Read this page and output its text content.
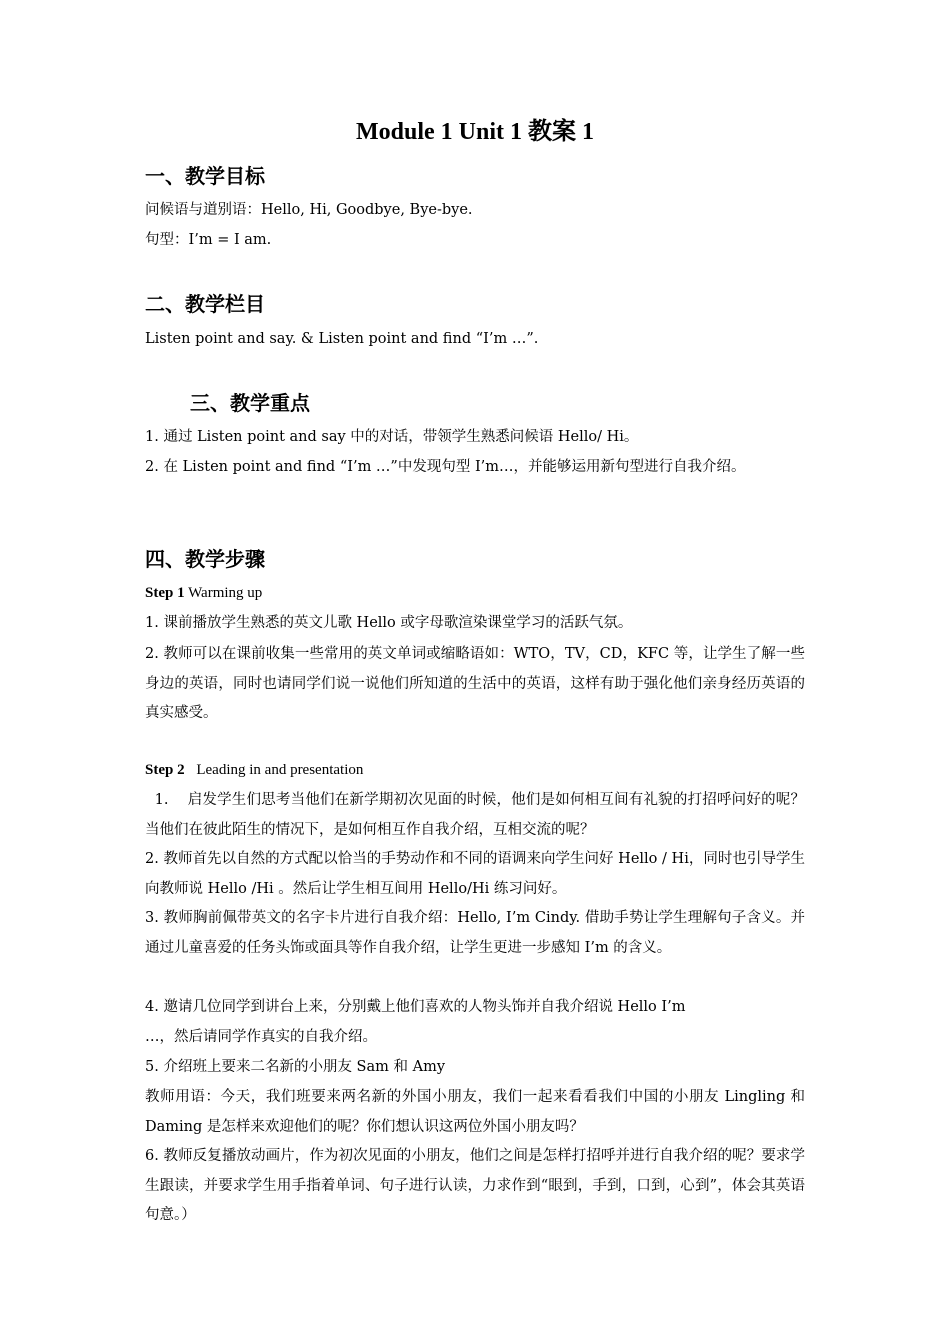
Module 1 Unit 1 教案 1
一、教学目标
问候语与道别语：Hello, Hi, Goodbye, Bye-bye.
句型：I’m = I am.
二、教学栏目
Listen point and say. & Listen point and find “I’m …”.
三、教学重点
1. 通过 Listen point and say 中的对话，带领学生熟悉问候语 Hello/ Hi。
2. 在 Listen point and find “I’m …”中发现句型 I’m…，并能够运用新句型进行自我介绍。
四、教学步骤
Step 1 Warming up
1. 课前播放学生熟悉的英文儿歌 Hello 或字母歌渲染课堂学习的活跃气氛。
2. 教师可以在课前收集一些常用的英文单词或缩略语如：WTO，TV，CD，KFC 等，让学生了解一些身边的英语，同时也请同学们说一说他们所知道的生活中的英语，这样有助于强化他们亲身经历英语的真实感受。
Step 2 Leading in and presentation
1.    启发学生们思考当他们在新学期初次见面的时候，他们是如何相互间有礼貌的打招呼问好的呢？当他们在彼此陌生的情况下，是如何相互作自我介绍，互相交流的呢？
2. 教师首先以自然的方式配以恰当的手势动作和不同的语调来向学生问好 Hello / Hi，同时也引导学生向教师说 Hello /Hi 。然后让学生相互间用 Hello/Hi 练习问好。
3. 教师胸前佩带英文的名字卡片进行自我介绍：Hello, I’m Cindy. 借助手势让学生理解句子含义。并通过儿童喜爱的任务头饰或面具等作自我介绍，让学生更进一步感知 I’m 的含义。
4. 邀请几位同学到讲台上来，分别戴上他们喜欢的人物头饰并自我介绍说 Hello I’m
…，然后请同学作真实的自我介绍。
5. 介绍班上要来二名新的小朋友 Sam 和 Amy
教师用语：今天，我们班要来两名新的外国小朋友，我们一起来看看我们中国的小朋友 Lingling 和 Daming 是怎样来欢迎他们的呢？你们想认识这两位外国小朋友吗？
6. 教师反复播放动画片，作为初次见面的小朋友，他们之间是怎样打招呼并进行自我介绍的呢？要求学生跟读，并要求学生用手指着单词、句子进行认读，力求作到“眼到，手到，口到，心到”，体会其英语句意。）
